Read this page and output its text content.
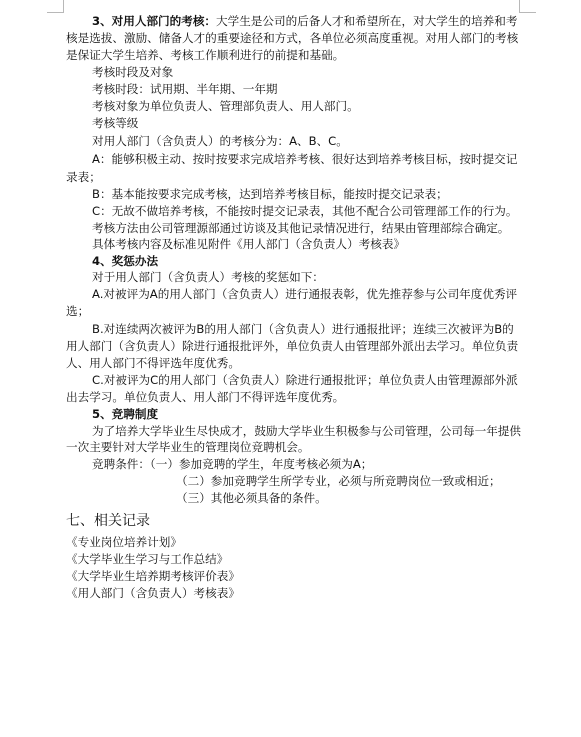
3、对用人部门的考核：大学生是公司的后备人才和希望所在，对大学生的培养和考
核是选拔、激励、储备人才的重要途径和方式，各单位必须高度重视。对用人部门的考核
是保证大学生培养、考核工作顺利进行的前提和基础。
考核时段及对象
考核时段：试用期、半年期、一年期
考核对象为单位负责人、管理部负责人、用人部门。
考核等级
对用人部门（含负责人）的考核分为：A、B、C。
A：能够积极主动、按时按要求完成培养考核、很好达到培养考核目标，按时提交记
录表；
B：基本能按要求完成考核，达到培养考核目标，能按时提交记录表；
C：无故不做培养考核，不能按时提交记录表，其他不配合公司管理部工作的行为。
考核方法由公司管理源部通过访谈及其他记录情况进行，结果由管理部综合确定。
具体考核内容及标准见附件《用人部门（含负责人）考核表》
4、奖惩办法
对于用人部门（含负责人）考核的奖惩如下：
A.对被评为A的用人部门（含负责人）进行通报表彰，优先推荐参与公司年度优秀评
选；
B.对连续两次被评为B的用人部门（含负责人）进行通报批评；连续三次被评为B的
用人部门（含负责人）除进行通报批评外，单位负责人由管理部外派出去学习。单位负责
人、用人部门不得评选年度优秀。
C.对被评为C的用人部门（含负责人）除进行通报批评；单位负责人由管理源部外派
出去学习。单位负责人、用人部门不得评选年度优秀。
5、竞聘制度
为了培养大学毕业生尽快成才，鼓励大学毕业生积极参与公司管理，公司每一年提供
一次主要针对大学毕业生的管理岗位竞聘机会。
竞聘条件：（一）参加竞聘的学生，年度考核必须为A；
（二）参加竞聘学生所学专业，必须与所竞聘岗位一致或相近；
（三）其他必须具备的条件。
七、相关记录
《专业岗位培养计划》
《大学毕业生学习与工作总结》
《大学毕业生培养期考核评价表》
《用人部门（含负责人）考核表》
